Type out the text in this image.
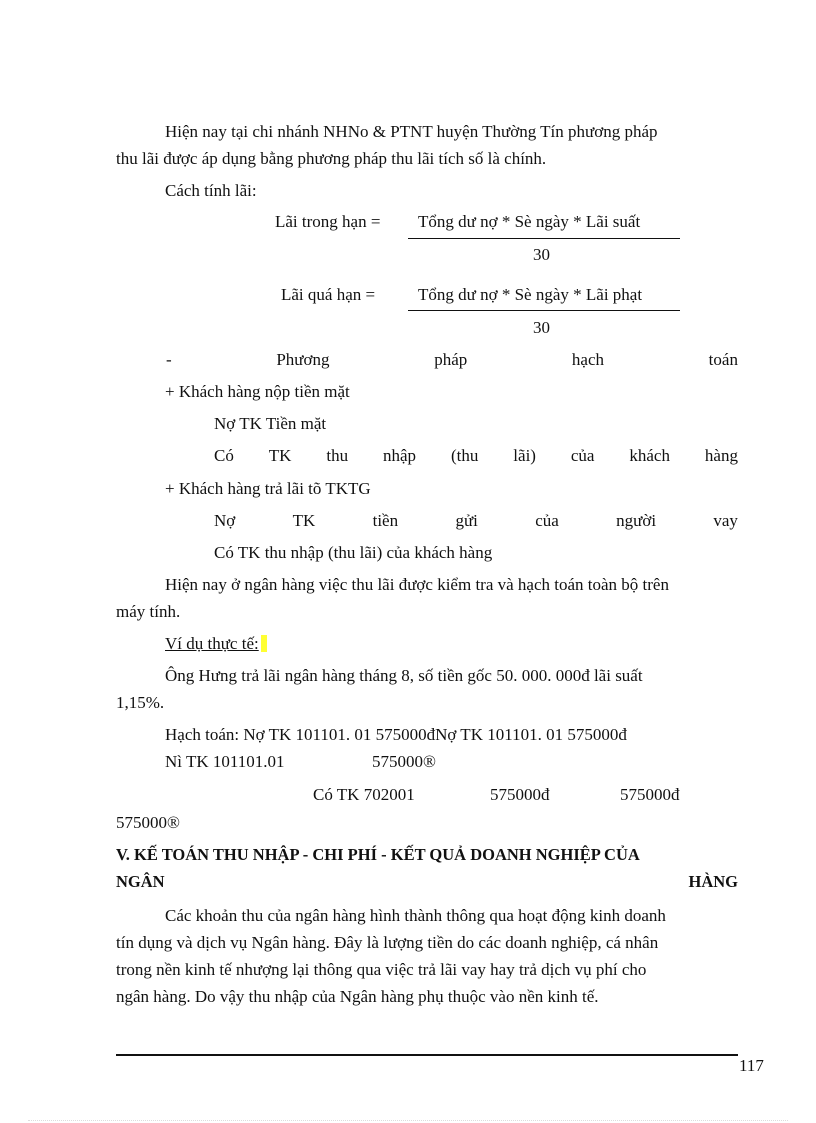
Hiện nay tại chi nhánh NHNo & PTNT huyện Thường Tín phương pháp
thu lãi được áp dụng bằng phương pháp thu lãi tích số là chính.
Cách tính lãi:
Lãi trong hạn = Tổng dư nợ * Sè ngày * Lãi suất
30
Lãi quá hạn =	Tổng dư nợ * Sè ngày * Lãi phạt
30
-	Phương	pháp	hạch	toán
+ Khách hàng nộp tiền mặt
Nợ TK Tiền mặt
Có TK thu nhập (thu lãi) của khách hàng
+ Khách hàng trả lãi tõ TKTG
Nợ	TK	tiền	gửi	của	người	vay
Có TK thu nhập (thu lãi) của khách hàng
Hiện nay ở ngân hàng việc thu lãi được kiểm tra và hạch toán toàn bộ trên
máy tính.
Ví dụ thực tế:
Ông Hưng trả lãi ngân hàng tháng 8, số tiền gốc 50. 000. 000đ lãi suất
1,15%.
Hạch toán: Nợ TK 101101. 01 575000đNợ TK 101101. 01 575000đ
Nì TK 101101.01	575000®
Có TK 702001	575000đ	575000đ
575000®
V. KẾ TOÁN THU NHẬP - CHI PHÍ - KẾT QUẢ DOANH NGHIỆP CỦA
NGÂN	HÀNG
Các khoản thu của ngân hàng hình thành thông qua hoạt động kinh doanh
tín dụng và dịch vụ Ngân hàng. Đây là lượng tiền do các doanh nghiệp, cá nhân
trong nền kinh tế nhượng lại thông qua việc trả lãi vay hay trả dịch vụ phí cho
ngân hàng. Do vậy thu nhập của Ngân hàng phụ thuộc vào nền kinh tế.
117
